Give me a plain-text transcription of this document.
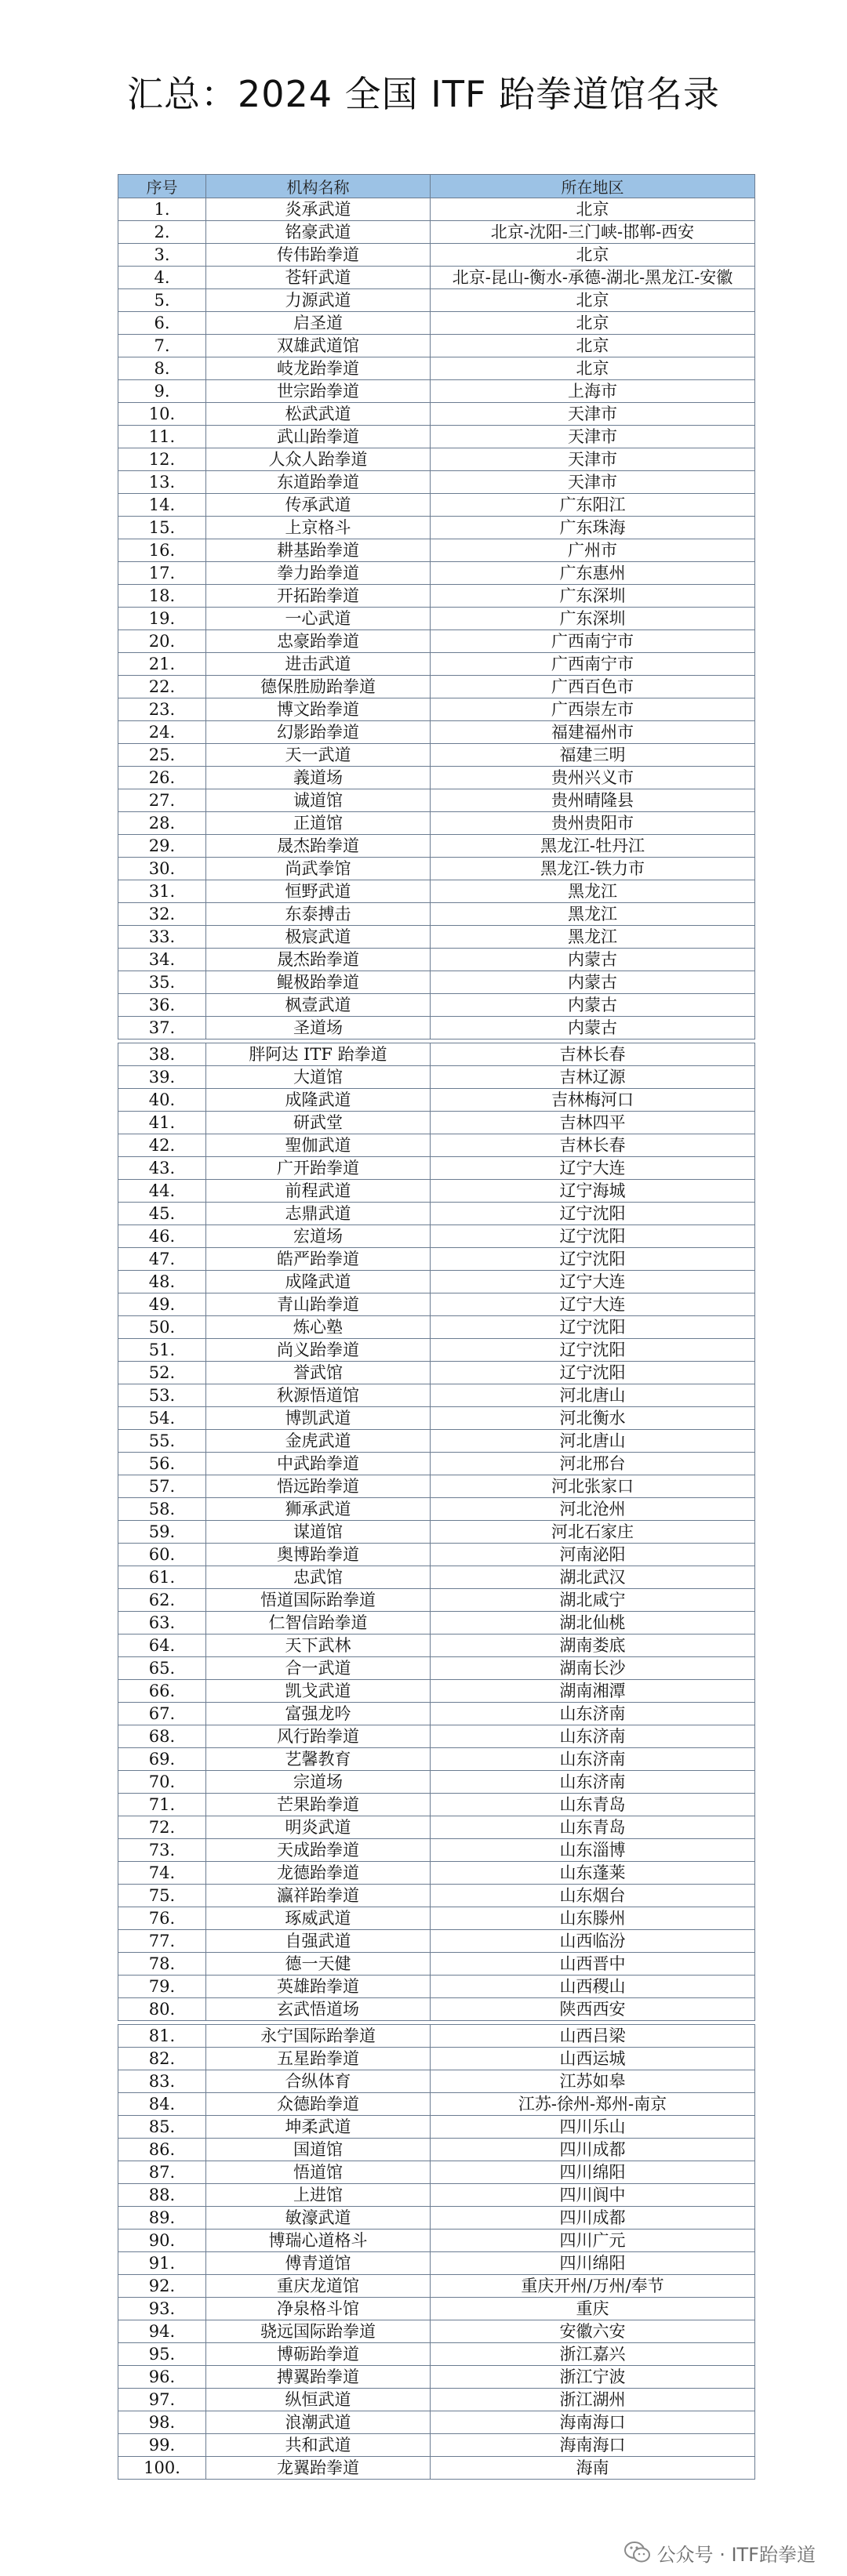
汇总：2024 全国 ITF 跆拳道馆名录
序号	机构名称	所在地区
1.	炎承武道	北京
2.	铭豪武道	北京-沈阳-三门峡-邯郸-西安
3.	传伟跆拳道	北京
4.	苍轩武道	北京-昆山-衡水-承德-湖北-黑龙江-安徽
5.	力源武道	北京
6.	启圣道	北京
7.	双雄武道馆	北京
8.	岐龙跆拳道	北京
9.	世宗跆拳道	上海市
10.	松武武道	天津市
11.	武山跆拳道	天津市
12.	人众人跆拳道	天津市
13.	东道跆拳道	天津市
14.	传承武道	广东阳江
15.	上京格斗	广东珠海
16.	耕基跆拳道	广州市
17.	拳力跆拳道	广东惠州
18.	开拓跆拳道	广东深圳
19.	一心武道	广东深圳
20.	忠豪跆拳道	广西南宁市
21.	进击武道	广西南宁市
22.	德保胜励跆拳道	广西百色市
23.	博文跆拳道	广西崇左市
24.	幻影跆拳道	福建福州市
25.	天一武道	福建三明
26.	義道场	贵州兴义市
27.	诚道馆	贵州晴隆县
28.	正道馆	贵州贵阳市
29.	晟杰跆拳道	黑龙江-牡丹江
30.	尚武拳馆	黑龙江-铁力市
31.	恒野武道	黑龙江
32.	东泰搏击	黑龙江
33.	极宸武道	黑龙江
34.	晟杰跆拳道	内蒙古
35.	鲲极跆拳道	内蒙古
36.	枫壹武道	内蒙古
37.	圣道场	内蒙古
38.	胖阿达 ITF 跆拳道	吉林长春
39.	大道馆	吉林辽源
40.	成隆武道	吉林梅河口
41.	研武堂	吉林四平
42.	聖伽武道	吉林长春
43.	广开跆拳道	辽宁大连
44.	前程武道	辽宁海城
45.	志鼎武道	辽宁沈阳
46.	宏道场	辽宁沈阳
47.	皓严跆拳道	辽宁沈阳
48.	成隆武道	辽宁大连
49.	青山跆拳道	辽宁大连
50.	炼心塾	辽宁沈阳
51.	尚义跆拳道	辽宁沈阳
52.	誉武馆	辽宁沈阳
53.	秋源悟道馆	河北唐山
54.	博凯武道	河北衡水
55.	金虎武道	河北唐山
56.	中武跆拳道	河北邢台
57.	悟远跆拳道	河北张家口
58.	狮承武道	河北沧州
59.	谋道馆	河北石家庄
60.	奥博跆拳道	河南泌阳
61.	忠武馆	湖北武汉
62.	悟道国际跆拳道	湖北咸宁
63.	仁智信跆拳道	湖北仙桃
64.	天下武林	湖南娄底
65.	合一武道	湖南长沙
66.	凯戈武道	湖南湘潭
67.	富强龙吟	山东济南
68.	风行跆拳道	山东济南
69.	艺馨教育	山东济南
70.	宗道场	山东济南
71.	芒果跆拳道	山东青岛
72.	明炎武道	山东青岛
73.	天成跆拳道	山东淄博
74.	龙德跆拳道	山东蓬莱
75.	瀛祥跆拳道	山东烟台
76.	琢威武道	山东滕州
77.	自强武道	山西临汾
78.	德一天健	山西晋中
79.	英雄跆拳道	山西稷山
80.	玄武悟道场	陕西西安
81.	永宁国际跆拳道	山西吕梁
82.	五星跆拳道	山西运城
83.	合纵体育	江苏如皋
84.	众德跆拳道	江苏-徐州-郑州-南京
85.	坤柔武道	四川乐山
86.	国道馆	四川成都
87.	悟道馆	四川绵阳
88.	上进馆	四川阆中
89.	敏濠武道	四川成都
90.	博瑞心道格斗	四川广元
91.	傅青道馆	四川绵阳
92.	重庆龙道馆	重庆开州/万州/奉节
93.	净泉格斗馆	重庆
94.	骁远国际跆拳道	安徽六安
95.	博砺跆拳道	浙江嘉兴
96.	搏翼跆拳道	浙江宁波
97.	纵恒武道	浙江湖州
98.	浪潮武道	海南海口
99.	共和武道	海南海口
100.	龙翼跆拳道	海南
公众号 · ITF跆拳道
